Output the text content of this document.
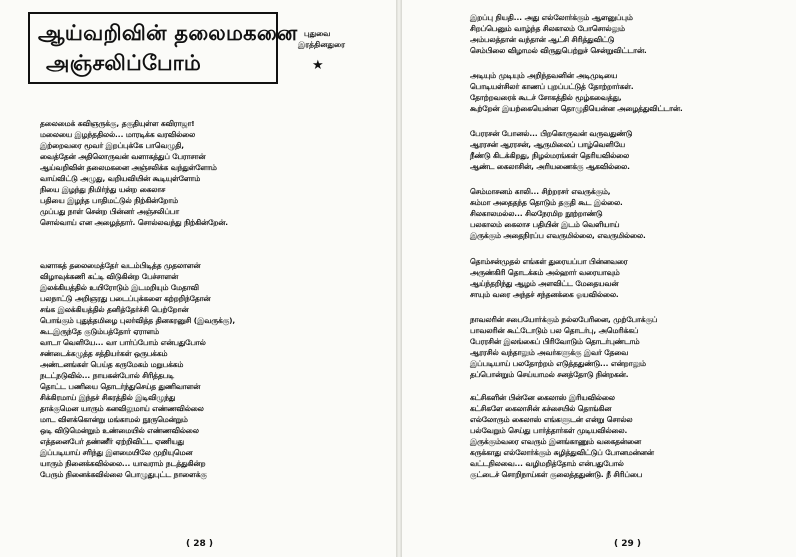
ஆய்வறிவின் தலைமகனை
அஞ்சலிப்போம்
புதுவை
இரத்தினதுரை
★
தலைமைக் கவிஞருக்கு, தகுதியுள்ள கவிராஜா!
மலையை இழந்ததிலல்... மாரடிக்க வரவில்லை
இற்றைவரை மூவர் இறப்புக்கே பாவெழுதி,
வைத்தேன் அதிலொருவன் வளாகத்துப் பேராசான்
ஆய்வறிவின் தலைமகனை அஞ்சலிக்க வந்துள்ளோம்
வாய்விட்டு அழுது, வறியவியின் கூடியுள்ளோம்
நியை இழந்து நிமிர்ந்து யன்ற கைலாச
பதியை இழந்த பாதிமட்டுல் நிற்கின்றோம்
முப்பது நாள் சென்ற பின்னர் அஞ்சலிப்பா
சொல்வாய் என அழைத்தார். சொல்லவந்து நிற்கின்றேன்.
வளாகத் தலைமைத்தேர் வடம்பிடித்த முதலாளன்
விழாவுக்கணி கட்டி விடுகின்ற பேச்சாளன்
இலக்கியத்தில் உயிரோடும் இடமறியும் மேதாவி
பலநாட்டு அறிஞரது படைப்புக்களை கற்றறிந்தோன்
சங்க இலக்கியத்தில் தனித்தேர்ச்சி பெற்றோன்
பொங்கும் புதுத்தமிழை புலர்வித்த தினகரனுசி (இவருக்கு),
கூடஇருந்தே குடும்பத்தோர் ஏராளம்
வாடா வெளியே... வா பார்ப்போம் என்பதுபோல்
சண்டைக்கழுத்த சத்தியர்கள் ஒருபக்கம்
அண்டனங்கள் பெய்த கருமேகம் மறுபக்கம்
நடட்நடுவில்... நாயகன்போல் சிரித்தபடி
தொட்ட பணியை தொடர்ந்துசெய்த துணிவாளன்
சிக்கிரமாய் இந்தச் சிகரத்தில் இடிவிழுந்து
தாக்குமென யாரும் கனவிலுமாய் எண்ணவில்லை
மாட விளக்கொன்று மங்காமல் நூருமென்றும்
ஒடி விடுமென்றும் உண்மையில் எண்ணவில்லை
எத்தனைபேர் தண்ணீர் ஏற்றிவிட்ட ஏணியது
இப்படியாய் சரிந்து இளமையிலே முறியுமென
யாரும் நினைக்கவில்லை... யாவராம் நடத்துகின்ற
பேரும் நினைக்கவில்லை பொழுதுபுட்ட நாளைக்கு
( 28 )
இறப்பு நியதி... அது எல்லோர்க்கும் ஆளனுப்பும்
சிறப்பெனும் வாழ்ந்த சிலகாலம் போசொல்லும்
அம்பலத்தான் வந்தான் ஆட்சி சிரித்துவிட்டு
செம்பிலை விழாமல் விருதுபெற்றுச் சென்றுவிட்டான்.
அடியும் முடியும் அறிந்தவனின் அடிமுடியை
பொடியள்சிலர் காணப் புறப்பட்டுத் தோற்றார்கள்.
தோற்றவரைக் கூடச் சோகத்தில் மூழ்கவைத்து,
கூற்றேன் இயற்கையென்ன தொழுதியென்ன அழைத்துவிட்டான்.
பேரரசன் போனல்... பிறகொருவன் வருவதுண்டு
ஆரரசன் ஆரரசன், ஆருமிலைப் பாழ்வெளியே
நீண்டு கிடக்கிறது, நிழல்மரங்கள் தெரியவில்லை
ஆண்ட கைலாசின், அரியணைக்கு ஆகவில்லை.
செம்மாசனம் காலி... சிற்றரசர் எவருக்கும்,
சும்மா அதைதந்த தொடும் தகுதி கூட இல்லை.
சிலகாலமல்ல... சிலநேரமிற நூற்றாண்டு
பலகாலம் கைலாச பதியின் இடம் வெளியாய்
இருக்கும் அதைநிரப்ப எவருமில்லை, எவருமில்லை.
தொம்சன்முதல் எங்கள் துரையப்பா பின்னவரை
அருண்கிரி தொடக்கம் அல்ஹார் வரையாவும்
ஆய்ந்தறிந்து ஆழம் அளவிட்ட மேதையவன்
சாயும் வரை அந்தச் சந்தனக்கை ஓயவில்லை.
நாவலரின் சபையோர்க்கும் நல்லபேரினை, முற்போக்குப்
பாவலரின் கூட்டோடும் பல தொடர்பு, அமெரிக்கப்
பேரரசின் இலங்கைப் பிரிவோடும் தொடர்புண்டாம்
ஆரரசில் வந்தாலும் அவர்களுக்கு இவர் தேவை
இப்படியாய் பலதோற்றம் எடுத்ததுண்டு... என்றாலும்
தப்பொன்றும் செய்யாமல் சனத்தோடு நின்றகன்.
கட்சிகளின் பின்னே கைலாஸ் இரியவில்லை
கட்சிகளே கைலாசின் கச்சையில் தொங்கின
எல்லோரும் கைலாஸ் எங்களுடன் என்று சொல்ல
பல்வேறும் செய்து பார்த்தார்கள் முடியவில்லை.
இருக்கும்வரை எவரும் இனங்காணும் வகைதன்னை
கருக்காது எல்லோர்க்கும் சுழித்துவிட்டுப் போனமன்னன்
வட்டநிலவை... வழிமறித்தோம் என்பதுபோல்
குட்டைச் சொறிநாய்கள் குலைத்ததுண்டு. நீ சிரிப்பை
( 29 )
